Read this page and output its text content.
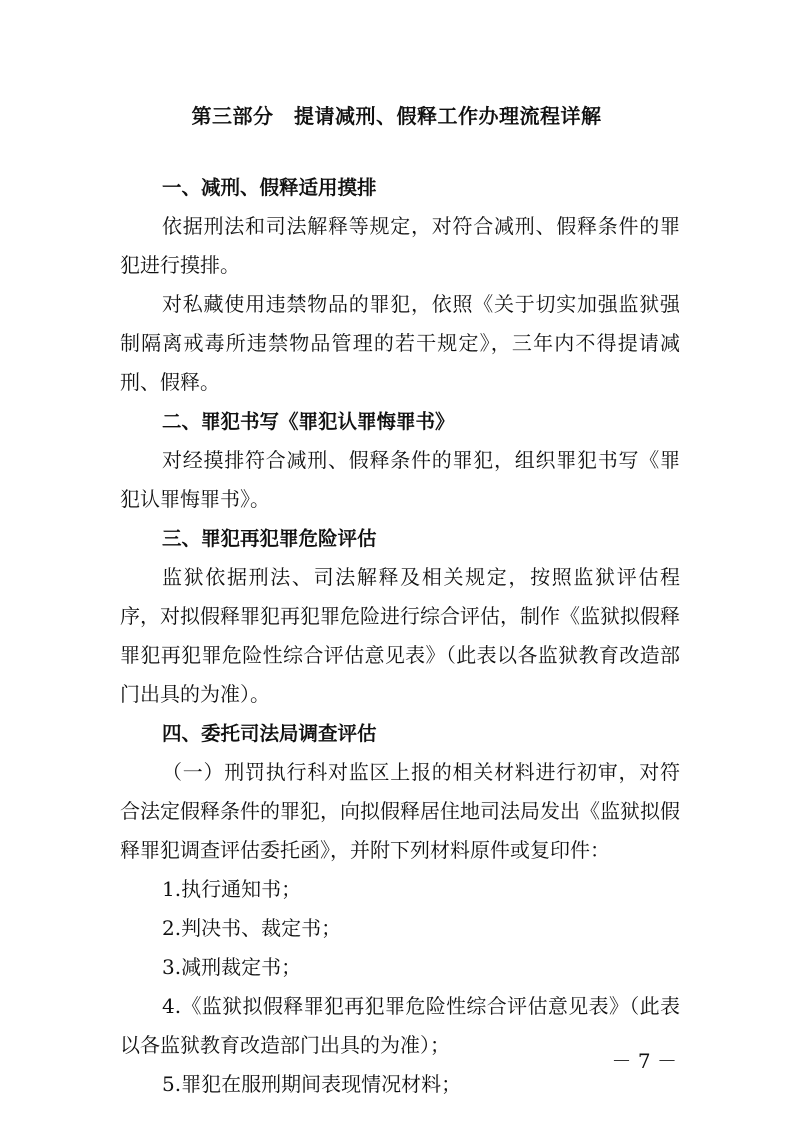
第三部分　提请减刑、假释工作办理流程详解

一、减刑、假释适用摸排

依据刑法和司法解释等规定，对符合减刑、假释条件的罪犯进行摸排。

对私藏使用违禁物品的罪犯，依照《关于切实加强监狱强制隔离戒毒所违禁物品管理的若干规定》，三年内不得提请减刑、假释。

二、罪犯书写《罪犯认罪悔罪书》

对经摸排符合减刑、假释条件的罪犯，组织罪犯书写《罪犯认罪悔罪书》。

三、罪犯再犯罪危险评估

监狱依据刑法、司法解释及相关规定，按照监狱评估程序，对拟假释罪犯再犯罪危险进行综合评估，制作《监狱拟假释罪犯再犯罪危险性综合评估意见表》（此表以各监狱教育改造部门出具的为准）。

四、委托司法局调查评估

（一）刑罚执行科对监区上报的相关材料进行初审，对符合法定假释条件的罪犯，向拟假释居住地司法局发出《监狱拟假释罪犯调查评估委托函》，并附下列材料原件或复印件：

1.执行通知书；

2.判决书、裁定书；

3.减刑裁定书；

4.《监狱拟假释罪犯再犯罪危险性综合评估意见表》（此表以各监狱教育改造部门出具的为准）；

5.罪犯在服刑期间表现情况材料；

－ 7 －
